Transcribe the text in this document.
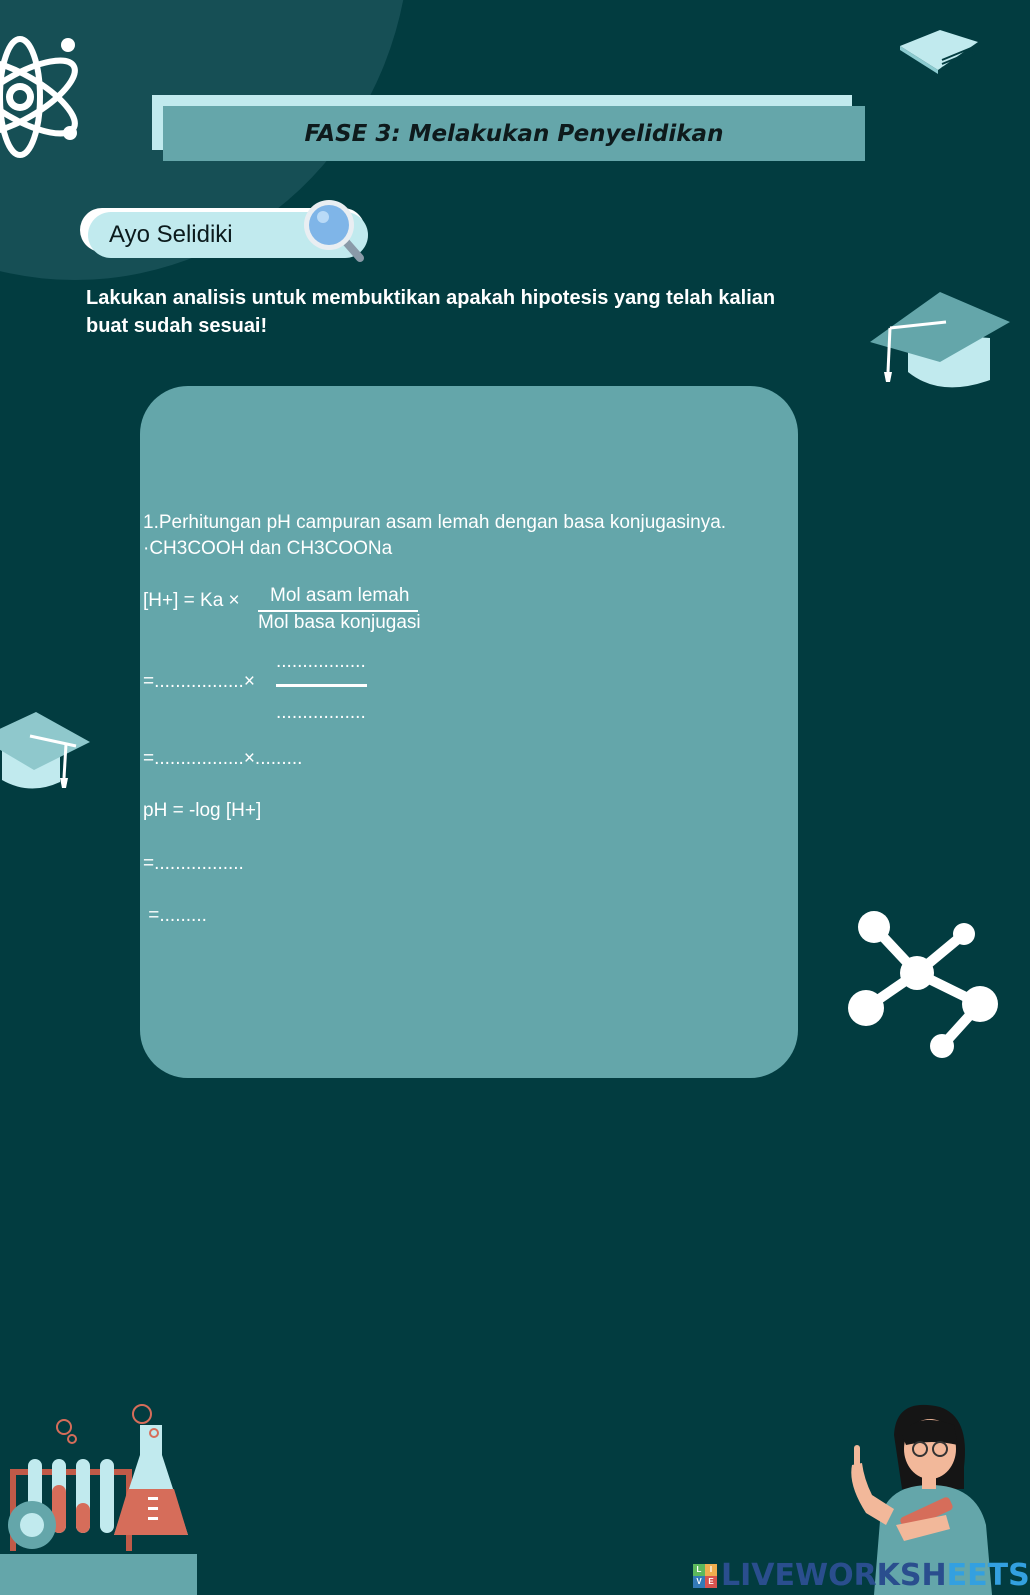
FASE 3: Melakukan Penyelidikan
Ayo Selidiki
Lakukan analisis untuk membuktikan apakah hipotesis yang telah kalian buat sudah sesuai!
1.Perhitungan pH campuran asam lemah dengan basa konjugasinya.
·CH3COOH dan CH3COONa
[H+] = Ka × Mol asam lemah
Mol basa konjugasi
.................
=.................×
.................
=.................×.........
pH = -log [H+]
=.................
=.........
L	I
V E LIVEWORKSHEETS
